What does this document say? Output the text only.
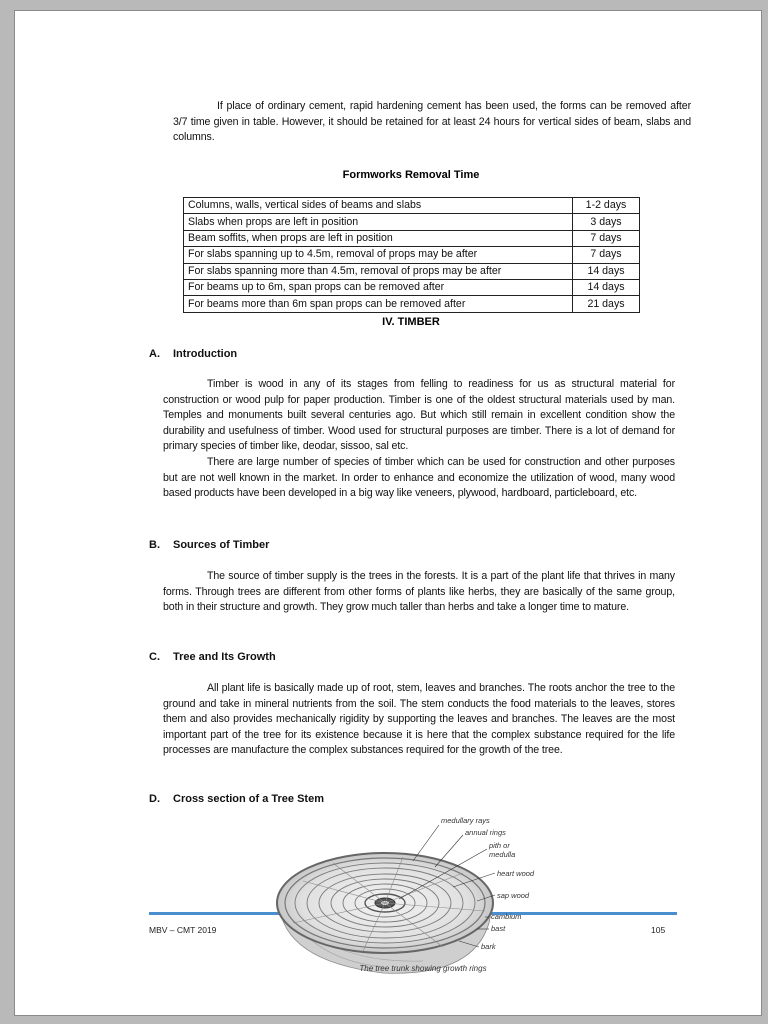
If place of ordinary cement, rapid hardening cement has been used, the forms can be removed after 3/7 time given in table. However, it should be retained for at least 24 hours for vertical sides of beam, slabs and columns.

Formworks Removal Time
Columns, walls, vertical sides of beams and slabs	1-2 days
Slabs when props are left in position	3 days
Beam soffits, when props are left in position	7 days
For slabs spanning up to 4.5m, removal of props may be after	7 days
For slabs spanning more than 4.5m, removal of props may be after	14 days
For beams up to 6m, span props can be removed after	14 days
For beams more than 6m span props can be removed after	21 days
IV. TIMBER
A. Introduction

Timber is wood in any of its stages from felling to readiness for us as structural material for construction or wood pulp for paper production. Timber is one of the oldest structural materials used by man. Temples and monuments built several centuries ago. But which still remain in excellent condition show the durability and usefulness of timber. Wood used for structural purposes are timber. There is a lot of demand for primary species of timber like, deodar, sissoo, sal etc.

There are large number of species of timber which can be used for construction and other purposes but are not well known in the market. In order to enhance and economize the utilization of wood, many wood based products have been developed in a big way like veneers, plywood, hardboard, particleboard, etc.

B. Sources of Timber

The source of timber supply is the trees in the forests. It is a part of the plant life that thrives in many forms. Through trees are different from other forms of plants like herbs, they are basically of the same group, both in their structure and growth. They grow much taller than herbs and take a longer time to mature.

C. Tree and Its Growth

All plant life is basically made up of root, stem, leaves and branches. The roots anchor the tree to the ground and take in mineral nutrients from the soil. The stem conducts the food materials to the leaves, stores them and also provides mechanically rigidity by supporting the leaves and branches. The leaves are the most important part of the tree for its existence because it is here that the complex substance required for the life processes are manufacture the complex substances required for the growth of the tree.

D. Cross section of a Tree Stem
medullary rays
annual rings
pith or
medulla
heart wood
sap wood
cambium
bast
bark
The tree trunk showing growth rings
MBV – CMT 2019	105
